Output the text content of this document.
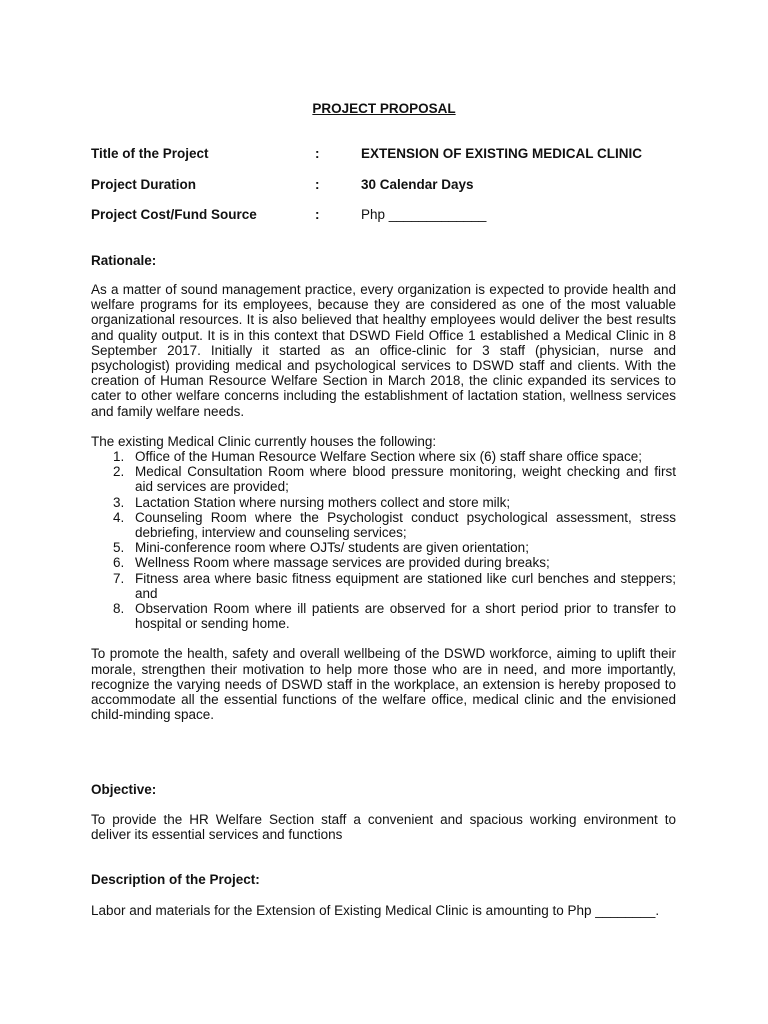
PROJECT PROPOSAL
Title of the Project	:	EXTENSION OF EXISTING MEDICAL CLINIC
Project Duration	:	30 Calendar Days
Project Cost/Fund Source	:	Php _____________
Rationale:

As a matter of sound management practice, every organization is expected to provide health and welfare programs for its employees, because they are considered as one of the most valuable organizational resources. It is also believed that healthy employees would deliver the best results and quality output. It is in this context that DSWD Field Office 1 established a Medical Clinic in 8 September 2017. Initially it started as an office-clinic for 3 staff (physician, nurse and psychologist) providing medical and psychological services to DSWD staff and clients. With the creation of Human Resource Welfare Section in March 2018, the clinic expanded its services to cater to other welfare concerns including the establishment of lactation station, wellness services and family welfare needs.

The existing Medical Clinic currently houses the following:

1. Office of the Human Resource Welfare Section where six (6) staff share office space;
2. Medical Consultation Room where blood pressure monitoring, weight checking and first aid services are provided;
3. Lactation Station where nursing mothers collect and store milk;
4. Counseling Room where the Psychologist conduct psychological assessment, stress debriefing, interview and counseling services;
5. Mini-conference room where OJTs/ students are given orientation;
6. Wellness Room where massage services are provided during breaks;
7. Fitness area where basic fitness equipment are stationed like curl benches and steppers; and
8. Observation Room where ill patients are observed for a short period prior to transfer to hospital or sending home.

To promote the health, safety and overall wellbeing of the DSWD workforce, aiming to uplift their morale, strengthen their motivation to help more those who are in need, and more importantly, recognize the varying needs of DSWD staff in the workplace, an extension is hereby proposed to accommodate all the essential functions of the welfare office, medical clinic and the envisioned child-minding space.

Objective:

To provide the HR Welfare Section staff a convenient and spacious working environment to deliver its essential services and functions

Description of the Project:

Labor and materials for the Extension of Existing Medical Clinic is amounting to Php ________.
